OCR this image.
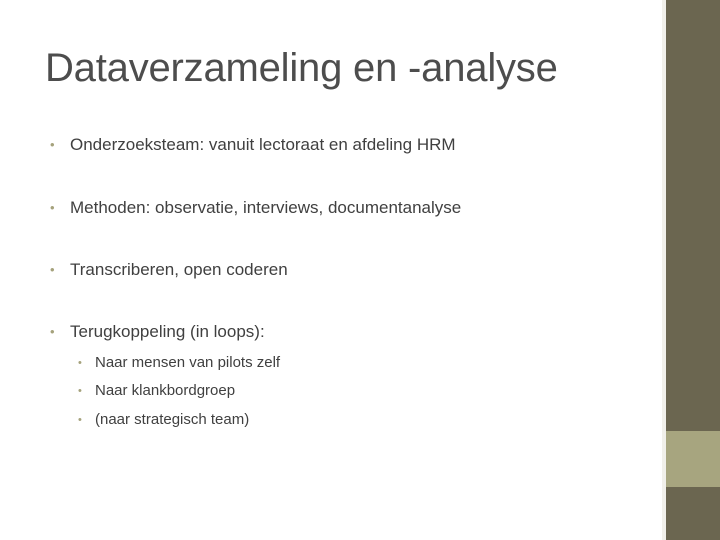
Dataverzameling en -analyse
• Onderzoeksteam: vanuit lectoraat en afdeling HRM
• Methoden: observatie, interviews, documentanalyse
• Transcriberen, open coderen
• Terugkoppeling (in loops):
• Naar mensen van pilots zelf
• Naar klankbordgroep
• (naar strategisch team)
